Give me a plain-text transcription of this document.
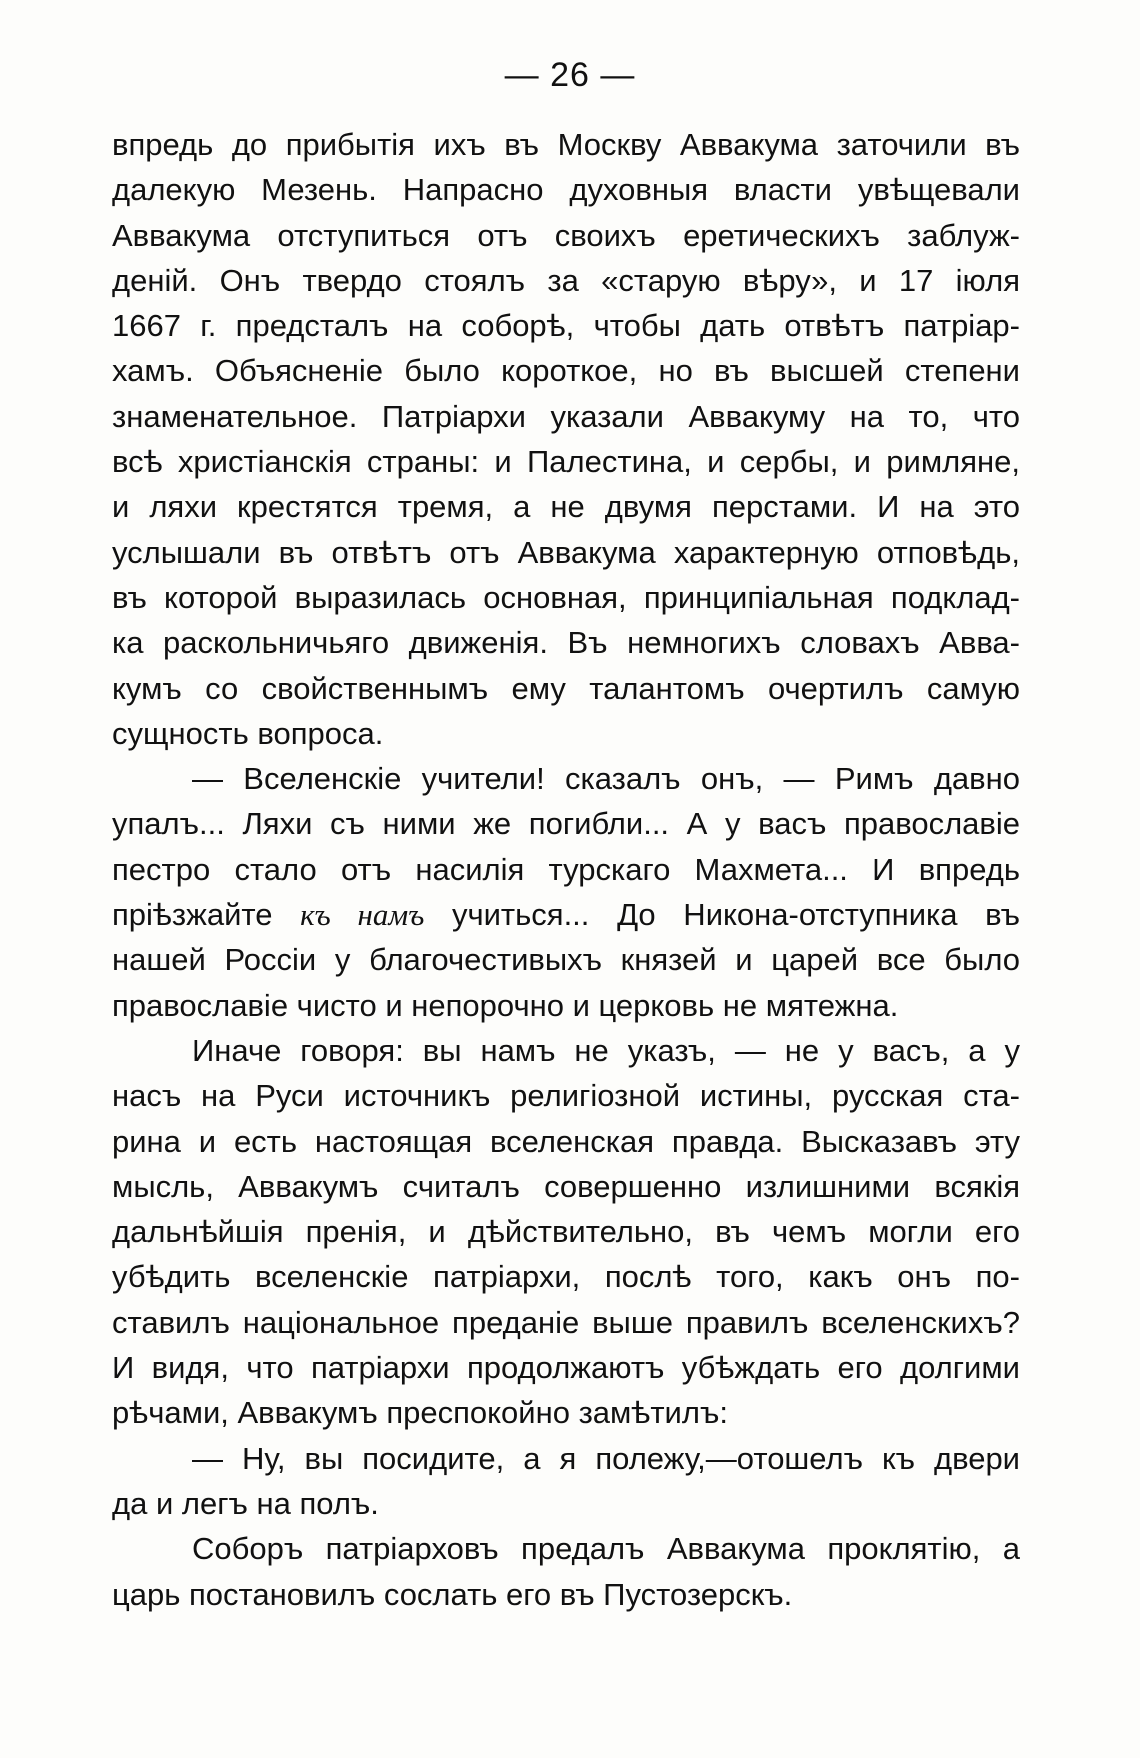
— 26 —

впредь до прибытія ихъ въ Москву Аввакума заточили въ
далекую Мезень. Напрасно духовныя власти увѣщевали
Аввакума отступиться отъ своихъ еретическихъ заблуж-
деній. Онъ твердо стоялъ за «старую вѣру», и 17 іюля
1667 г. предсталъ на соборѣ, чтобы дать отвѣтъ патріар-
хамъ. Объясненіе было короткое, но въ высшей степени
знаменательное. Патріархи указали Аввакуму на то, что
всѣ христіанскія страны: и Палестина, и сербы, и римляне,
и ляхи крестятся тремя, а не двумя перстами. И на это
услышали въ отвѣтъ отъ Аввакума характерную отповѣдь,
въ которой выразилась основная, принципіальная подклад-
ка раскольничьяго движенія. Въ немногихъ словахъ Авва-
кумъ со свойственнымъ ему талантомъ очертилъ самую
сущность вопроса.

— Вселенскіе учители! сказалъ онъ, — Римъ давно
упалъ... Ляхи съ ними же погибли... А у васъ православіе
пестро стало отъ насилія турскаго Махмета... И впредь
пріѣзжайте къ намъ учиться... До Никона-отступника въ
нашей Россіи у благочестивыхъ князей и царей все было
православіе чисто и непорочно и церковь не мятежна.

Иначе говоря: вы намъ не указъ, — не у васъ, а у
насъ на Руси источникъ религіозной истины, русская ста-
рина и есть настоящая вселенская правда. Высказавъ эту
мысль, Аввакумъ считалъ совершенно излишними всякія
дальнѣйшія пренія, и дѣйствительно, въ чемъ могли его
убѣдить вселенскіе патріархи, послѣ того, какъ онъ по-
ставилъ національное преданіе выше правилъ вселенскихъ?
И видя, что патріархи продолжаютъ убѣждать его долгими
рѣчами, Аввакумъ преспокойно замѣтилъ:

— Ну, вы посидите, а я полежу,—отошелъ къ двери
да и легъ на полъ.

Соборъ патріарховъ предалъ Аввакума проклятію, а
царь постановилъ сослать его въ Пустозерскъ.
